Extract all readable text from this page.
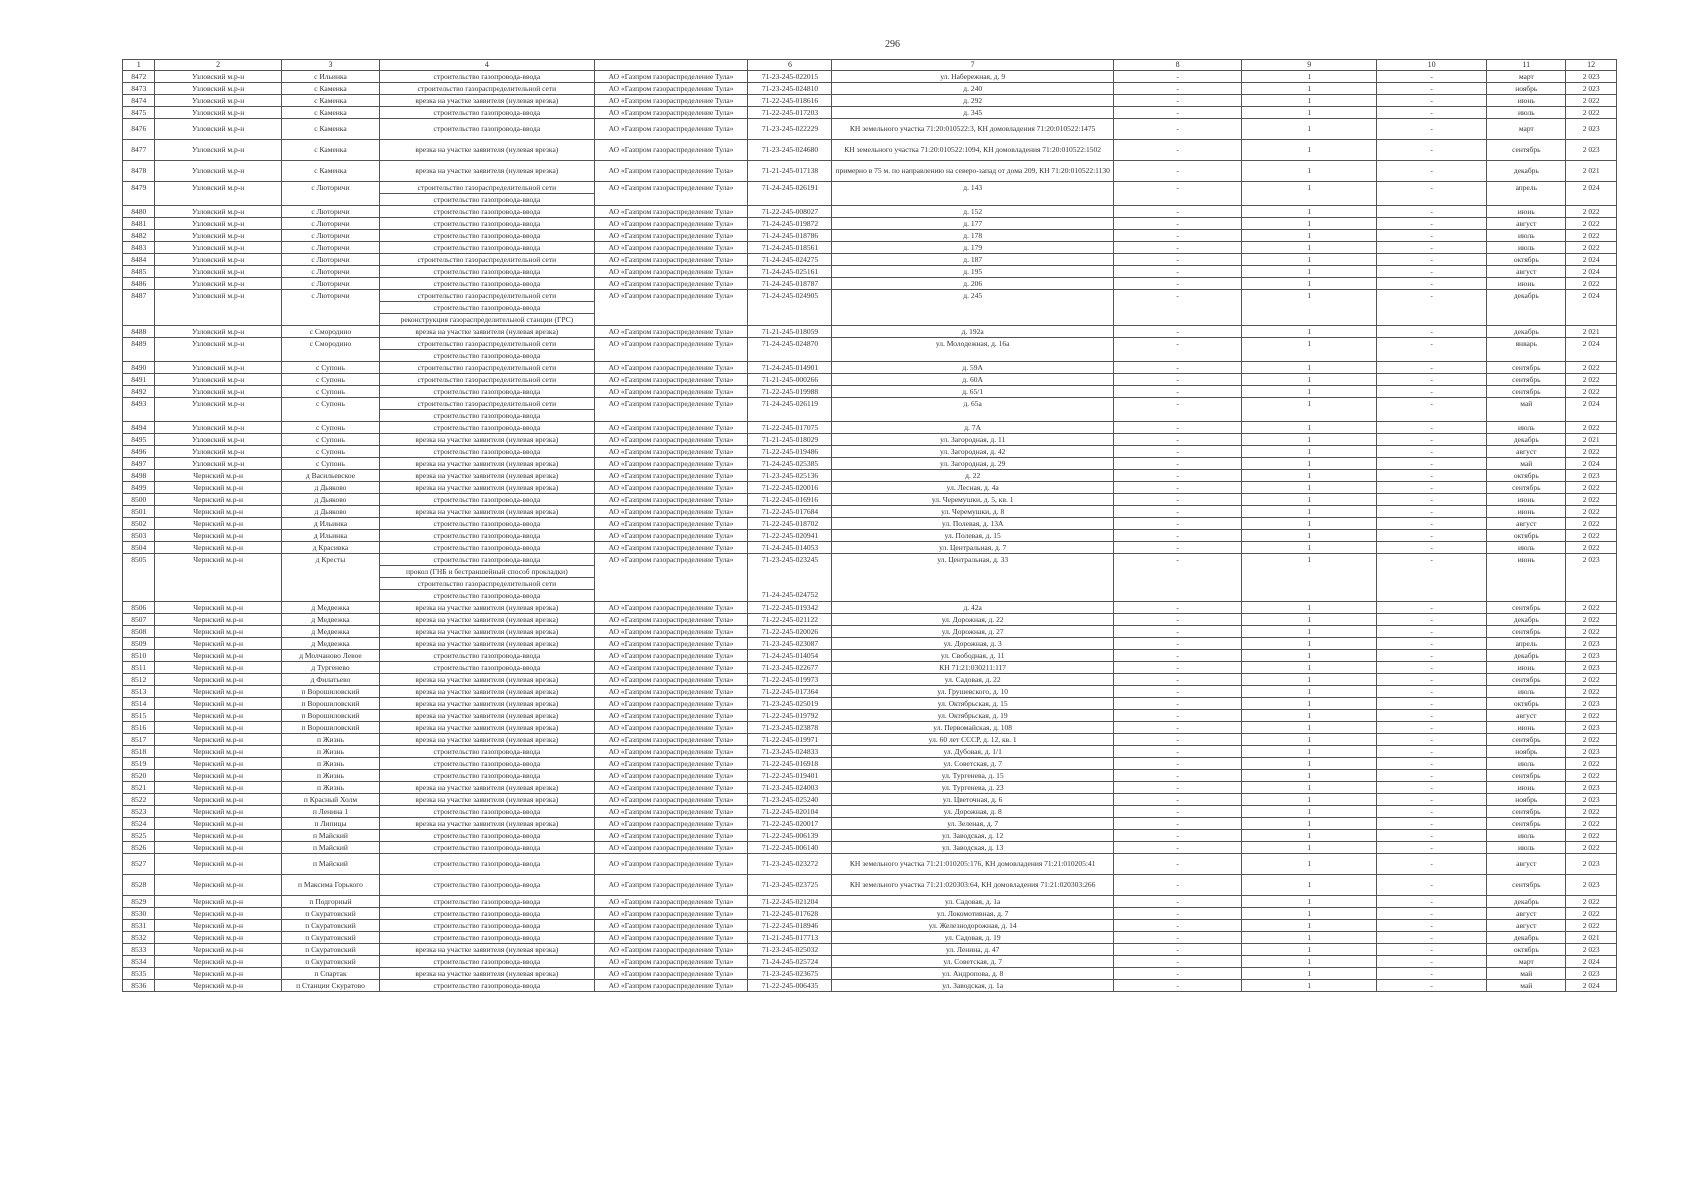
296
1	2	3	4		6	7	8	9	10	11	12
8472	Узловский м.р-н	с Ильинка	строительство газопровода-ввода	АО «Газпром газораспределение Тула»	71-23-245-022015	ул. Набережная, д. 9	-	1	-	март	2 023
8473	Узловский м.р-н	с Каменка	строительство газораспределительной сети	АО «Газпром газораспределение Тула»	71-23-245-024810	д. 240	-	1	-	ноябрь	2 023
8474	Узловский м.р-н	с Каменка	врезка на участке заявителя (нулевая врезка)	АО «Газпром газораспределение Тула»	71-22-245-018616	д. 292	-	1	-	июнь	2 022
8475	Узловский м.р-н	с Каменка	строительство газопровода-ввода	АО «Газпром газораспределение Тула»	71-22-245-017203	д. 345	-	1	-	июль	2 022
8476	Узловский м.р-н	с Каменка	строительство газопровода-ввода	АО «Газпром газораспределение Тула»	71-23-245-022229	КН земельного участка 71:20:010522:3, КН домовладения 71:20:010522:1475	-	1	-	март	2 023
8477	Узловский м.р-н	с Каменка	врезка на участке заявителя (нулевая врезка)	АО «Газпром газораспределение Тула»	71-23-245-024680	КН земельного участка 71:20:010522:1094, КН домовладения 71:20:010522:1502	-	1	-	сентябрь	2 023
8478	Узловский м.р-н	с Каменка	врезка на участке заявителя (нулевая врезка)	АО «Газпром газораспределение Тула»	71-21-245-017138	примерно в 75 м. по направлению на северо-запад от дома 209, КН 71:20:010522:1130	-	1	-	декабрь	2 021
8479	Узловский м.р-н	с Люторичи	строительство газораспределительной сети	АО «Газпром газораспределение Тула»	71-24-245-026191	д. 143	-	1	-	апрель	2 024
			строительство газопровода-ввода								
8480	Узловский м.р-н	с Люторичи	строительство газопровода-ввода	АО «Газпром газораспределение Тула»	71-22-245-008027	д. 152	-	1	-	июнь	2 022
8481	Узловский м.р-н	с Люторичи	строительство газопровода-ввода	АО «Газпром газораспределение Тула»	71-24-245-019872	д. 177	-	1	-	август	2 022
8482	Узловский м.р-н	с Люторичи	строительство газопровода-ввода	АО «Газпром газораспределение Тула»	71-24-245-018786	д. 178	-	1	-	июль	2 022
8483	Узловский м.р-н	с Люторичи	строительство газопровода-ввода	АО «Газпром газораспределение Тула»	71-24-245-018561	д. 179	-	1	-	июль	2 022
8484	Узловский м.р-н	с Люторичи	строительство газораспределительной сети	АО «Газпром газораспределение Тула»	71-24-245-024275	д. 187	-	1	-	октябрь	2 024
8485	Узловский м.р-н	с Люторичи	строительство газопровода-ввода	АО «Газпром газораспределение Тула»	71-24-245-025161	д. 195	-	1	-	август	2 024
8486	Узловский м.р-н	с Люторичи	строительство газопровода-ввода	АО «Газпром газораспределение Тула»	71-24-245-018787	д. 206	-	1	-	июнь	2 022
8487	Узловский м.р-н	с Люторичи	строительство газораспределительной сети	АО «Газпром газораспределение Тула»	71-24-245-024905	д. 245	-	1	-	декабрь	2 024
			строительство газопровода-ввода								
			реконструкция газораспределительной станции (ГРС)								
8488	Узловский м.р-н	с Смородино	врезка на участке заявителя (нулевая врезка)	АО «Газпром газораспределение Тула»	71-21-245-018059	д. 192а	-	1	-	декабрь	2 021
8489	Узловский м.р-н	с Смородино	строительство газораспределительной сети	АО «Газпром газораспределение Тула»	71-24-245-024870	ул. Молодежная, д. 16а	-	1	-	январь	2 024
			строительство газопровода-ввода								
8490	Узловский м.р-н	с Супонь	строительство газораспределительной сети	АО «Газпром газораспределение Тула»	71-24-245-014901	д. 59А	-	1	-	сентябрь	2 022
8491	Узловский м.р-н	с Супонь	строительство газораспределительной сети	АО «Газпром газораспределение Тула»	71-21-245-000266	д. 60А	-	1	-	сентябрь	2 022
8492	Узловский м.р-н	с Супонь	строительство газопровода-ввода	АО «Газпром газораспределение Тула»	71-22-245-019988	д. 65/1	-	1	-	сентябрь	2 022
8493	Узловский м.р-н	с Супонь	строительство газораспределительной сети	АО «Газпром газораспределение Тула»	71-24-245-026119	д. 65а	-	1	-	май	2 024
			строительство газопровода-ввода								
8494	Узловский м.р-н	с Супонь	строительство газопровода-ввода	АО «Газпром газораспределение Тула»	71-22-245-017075	д. 7А	-	1	-	июль	2 022
8495	Узловский м.р-н	с Супонь	врезка на участке заявителя (нулевая врезка)	АО «Газпром газораспределение Тула»	71-21-245-018029	ул. Загородная, д. 11	-	1	-	декабрь	2 021
8496	Узловский м.р-н	с Супонь	строительство газопровода-ввода	АО «Газпром газораспределение Тула»	71-22-245-019486	ул. Загородная, д. 42	-	1	-	август	2 022
8497	Узловский м.р-н	с Супонь	врезка на участке заявителя (нулевая врезка)	АО «Газпром газораспределение Тула»	71-24-245-025385	ул. Загородная, д. 29	-	1	-	май	2 024
8498	Чернский м.р-н	д Васильевское	врезка на участке заявителя (нулевая врезка)	АО «Газпром газораспределение Тула»	71-23-245-025136	д. 22	-	1	-	октябрь	2 023
8499	Чернский м.р-н	д Дьяково	врезка на участке заявителя (нулевая врезка)	АО «Газпром газораспределение Тула»	71-22-245-020016	ул. Лесная, д. 4а	-	1	-	сентябрь	2 022
8500	Чернский м.р-н	д Дьяково	строительство газопровода-ввода	АО «Газпром газораспределение Тула»	71-22-245-016916	ул. Черемушки, д. 5, кв. 1	-	1	-	июнь	2 022
8501	Чернский м.р-н	д Дьяково	врезка на участке заявителя (нулевая врезка)	АО «Газпром газораспределение Тула»	71-22-245-017684	ул. Черемушки, д. 8	-	1	-	июнь	2 022
8502	Чернский м.р-н	д Ильинка	строительство газопровода-ввода	АО «Газпром газораспределение Тула»	71-22-245-018702	ул. Полевая, д. 13А	-	1	-	август	2 022
8503	Чернский м.р-н	д Ильинка	строительство газопровода-ввода	АО «Газпром газораспределение Тула»	71-22-245-020941	ул. Полевая, д. 15	-	1	-	октябрь	2 022
8504	Чернский м.р-н	д Красивка	строительство газопровода-ввода	АО «Газпром газораспределение Тула»	71-24-245-014053	ул. Центральная, д. 7	-	1	-	июль	2 022
8505	Чернский м.р-н	д Кресты	строительство газопровода-ввода	АО «Газпром газораспределение Тула»	71-23-245-023245	ул. Центральная, д. 33	-	1	-	июнь	2 023
			прокол (ГНБ и бестраншейный способ прокладки)								
			строительство газораспределительной сети								
			строительство газопровода-ввода		71-24-245-024752						
8506	Чернский м.р-н	д Медвежка	врезка на участке заявителя (нулевая врезка)	АО «Газпром газораспределение Тула»	71-22-245-019342	д. 42а	-	1	-	сентябрь	2 022
8507	Чернский м.р-н	д Медвежка	врезка на участке заявителя (нулевая врезка)	АО «Газпром газораспределение Тула»	71-22-245-021122	ул. Дорожная, д. 22	-	1	-	декабрь	2 022
8508	Чернский м.р-н	д Медвежка	врезка на участке заявителя (нулевая врезка)	АО «Газпром газораспределение Тула»	71-22-245-020026	ул. Дорожная, д. 27	-	1	-	сентябрь	2 022
8509	Чернский м.р-н	д Медвежка	врезка на участке заявителя (нулевая врезка)	АО «Газпром газораспределение Тула»	71-23-245-023087	ул. Дорожная, д. 3	-	1	-	апрель	2 023
8510	Чернский м.р-н	д Молчаново Левое	строительство газопровода-ввода	АО «Газпром газораспределение Тула»	71-24-245-014054	ул. Свободная, д. 11	-	1	-	декабрь	2 023
8511	Чернский м.р-н	д Тургенево	строительство газопровода-ввода	АО «Газпром газораспределение Тула»	71-23-245-022677	КН 71:21:030211:117	-	1	-	июнь	2 023
8512	Чернский м.р-н	д Филатьево	врезка на участке заявителя (нулевая врезка)	АО «Газпром газораспределение Тула»	71-22-245-019973	ул. Садовая, д. 22	-	1	-	сентябрь	2 022
8513	Чернский м.р-н	п Ворошиловский	врезка на участке заявителя (нулевая врезка)	АО «Газпром газораспределение Тула»	71-22-245-017364	ул. Грушевского, д. 10	-	1	-	июль	2 022
8514	Чернский м.р-н	п Ворошиловский	врезка на участке заявителя (нулевая врезка)	АО «Газпром газораспределение Тула»	71-23-245-025019	ул. Октябрьская, д. 15	-	1	-	октябрь	2 023
8515	Чернский м.р-н	п Ворошиловский	врезка на участке заявителя (нулевая врезка)	АО «Газпром газораспределение Тула»	71-22-245-019792	ул. Октябрьская, д. 19	-	1	-	август	2 022
8516	Чернский м.р-н	п Ворошиловский	врезка на участке заявителя (нулевая врезка)	АО «Газпром газораспределение Тула»	71-23-245-023878	ул. Первомайская, д. 108	-	1	-	июнь	2 023
8517	Чернский м.р-н	п Жизнь	врезка на участке заявителя (нулевая врезка)	АО «Газпром газораспределение Тула»	71-22-245-019971	ул. 60 лет СССР, д. 12, кв. 1	-	1	-	сентябрь	2 022
8518	Чернский м.р-н	п Жизнь	строительство газопровода-ввода	АО «Газпром газораспределение Тула»	71-23-245-024833	ул. Дубовая, д. 1/1	-	1	-	ноябрь	2 023
8519	Чернский м.р-н	п Жизнь	строительство газопровода-ввода	АО «Газпром газораспределение Тула»	71-22-245-016918	ул. Советская, д. 7	-	1	-	июль	2 022
8520	Чернский м.р-н	п Жизнь	строительство газопровода-ввода	АО «Газпром газораспределение Тула»	71-22-245-019401	ул. Тургенева, д. 15	-	1	-	сентябрь	2 022
8521	Чернский м.р-н	п Жизнь	врезка на участке заявителя (нулевая врезка)	АО «Газпром газораспределение Тула»	71-23-245-024003	ул. Тургенева, д. 23	-	1	-	июнь	2 023
8522	Чернский м.р-н	п Красный Холм	врезка на участке заявителя (нулевая врезка)	АО «Газпром газораспределение Тула»	71-23-245-025240	ул. Цветочная, д. 6	-	1	-	ноябрь	2 023
8523	Чернский м.р-н	п Ленина 1	строительство газопровода-ввода	АО «Газпром газораспределение Тула»	71-22-245-020104	ул. Дорожная, д. 8	-	1	-	сентябрь	2 022
8524	Чернский м.р-н	п Липицы	врезка на участке заявителя (нулевая врезка)	АО «Газпром газораспределение Тула»	71-22-245-020017	ул. Зеленая, д. 7	-	1	-	сентябрь	2 022
8525	Чернский м.р-н	п Майский	строительство газопровода-ввода	АО «Газпром газораспределение Тула»	71-22-245-006139	ул. Заводская, д. 12	-	1	-	июль	2 022
8526	Чернский м.р-н	п Майский	строительство газопровода-ввода	АО «Газпром газораспределение Тула»	71-22-245-006140	ул. Заводская, д. 13	-	1	-	июль	2 022
8527	Чернский м.р-н	п Майский	строительство газопровода-ввода	АО «Газпром газораспределение Тула»	71-23-245-023272	КН земельного участка 71:21:010205:176, КН домовладения 71:21:010205:41	-	1	-	август	2 023
8528	Чернский м.р-н	п Максима Горького	строительство газопровода-ввода	АО «Газпром газораспределение Тула»	71-23-245-023725	КН земельного участка 71:21:020303:64, КН домовладения 71:21:020303:266	-	1	-	сентябрь	2 023
8529	Чернский м.р-н	п Подгорный	строительство газопровода-ввода	АО «Газпром газораспределение Тула»	71-22-245-021204	ул. Садовая, д. 1а	-	1	-	декабрь	2 022
8530	Чернский м.р-н	п Скуратовский	строительство газопровода-ввода	АО «Газпром газораспределение Тула»	71-22-245-017628	ул. Локомотивная, д. 7	-	1	-	август	2 022
8531	Чернский м.р-н	п Скуратовский	строительство газопровода-ввода	АО «Газпром газораспределение Тула»	71-22-245-018946	ул. Железнодорожная, д. 14	-	1	-	август	2 022
8532	Чернский м.р-н	п Скуратовский	строительство газопровода-ввода	АО «Газпром газораспределение Тула»	71-21-245-017713	ул. Садовая, д. 19	-	1	-	декабрь	2 021
8533	Чернский м.р-н	п Скуратовский	врезка на участке заявителя (нулевая врезка)	АО «Газпром газораспределение Тула»	71-23-245-025032	ул. Ленина, д. 47	-	1	-	октябрь	2 023
8534	Чернский м.р-н	п Скуратовский	строительство газопровода-ввода	АО «Газпром газораспределение Тула»	71-24-245-025724	ул. Советская, д. 7	-	1	-	март	2 024
8535	Чернский м.р-н	п Спартак	врезка на участке заявителя (нулевая врезка)	АО «Газпром газораспределение Тула»	71-23-245-023675	ул. Андропова, д. 8	-	1	-	май	2 023
8536	Чернский м.р-н	п Станции Скуратово	строительство газопровода-ввода	АО «Газпром газораспределение Тула»	71-22-245-006435	ул. Заводская, д. 1а	-	1	-	май	2 024
